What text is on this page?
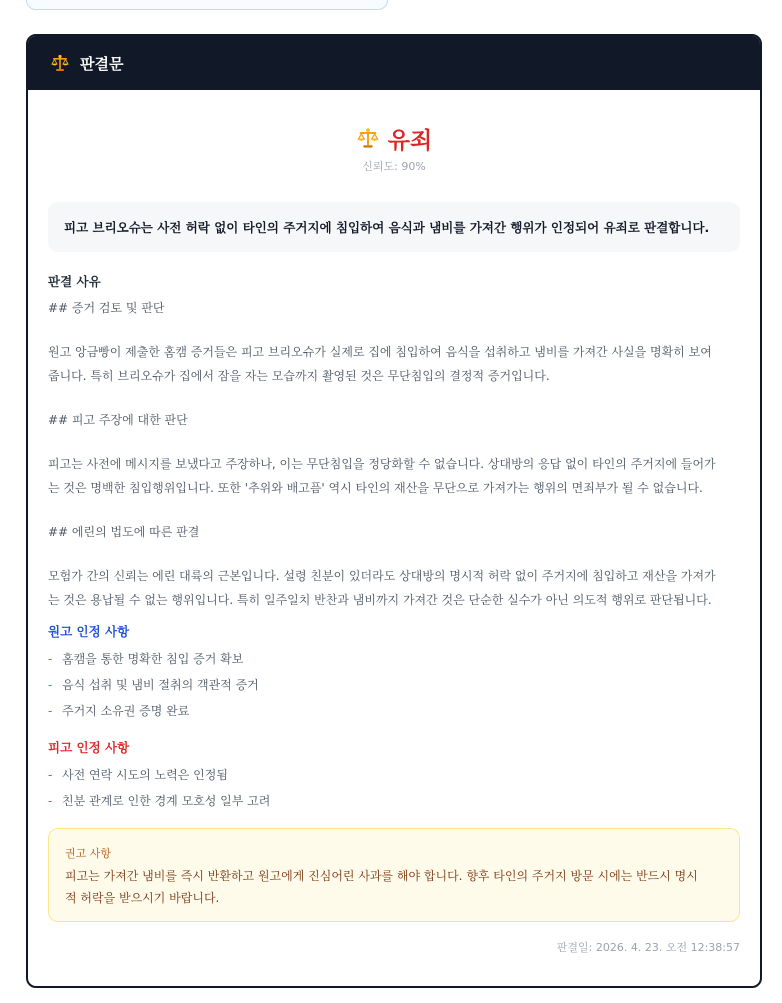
판결문
유죄
신뢰도: 90%
피고 브리오슈는 사전 허락 없이 타인의 주거지에 침입하여 음식과 냄비를 가져간 행위가 인정되어 유죄로 판결합니다.
판결 사유

## 증거 검토 및 판단

원고 앙금빵이 제출한 홈캠 증거들은 피고 브리오슈가 실제로 집에 침입하여 음식을 섭취하고 냄비를 가져간 사실을 명확히 보여

줍니다. 특히 브리오슈가 집에서 잠을 자는 모습까지 촬영된 것은 무단침입의 결정적 증거입니다.

## 피고 주장에 대한 판단

피고는 사전에 메시지를 보냈다고 주장하나, 이는 무단침입을 정당화할 수 없습니다. 상대방의 응답 없이 타인의 주거지에 들어가

는 것은 명백한 침입행위입니다. 또한 '추위와 배고픔' 역시 타인의 재산을 무단으로 가져가는 행위의 면죄부가 될 수 없습니다.

## 에린의 법도에 따른 판결

모험가 간의 신뢰는 에린 대륙의 근본입니다. 설령 친분이 있더라도 상대방의 명시적 허락 없이 주거지에 침입하고 재산을 가져가

는 것은 용납될 수 없는 행위입니다. 특히 일주일치 반찬과 냄비까지 가져간 것은 단순한 실수가 아닌 의도적 행위로 판단됩니다.

원고 인정 사항
- 홈캠을 통한 명확한 침입 증거 확보
- 음식 섭취 및 냄비 절취의 객관적 증거
- 주거지 소유권 증명 완료
피고 인정 사항
- 사전 연락 시도의 노력은 인정됨
- 친분 관계로 인한 경계 모호성 일부 고려
권고 사항
피고는 가져간 냄비를 즉시 반환하고 원고에게 진심어린 사과를 해야 합니다. 향후 타인의 주거지 방문 시에는 반드시 명시
적 허락을 받으시기 바랍니다.
판결일: 2026. 4. 23. 오전 12:38:57
